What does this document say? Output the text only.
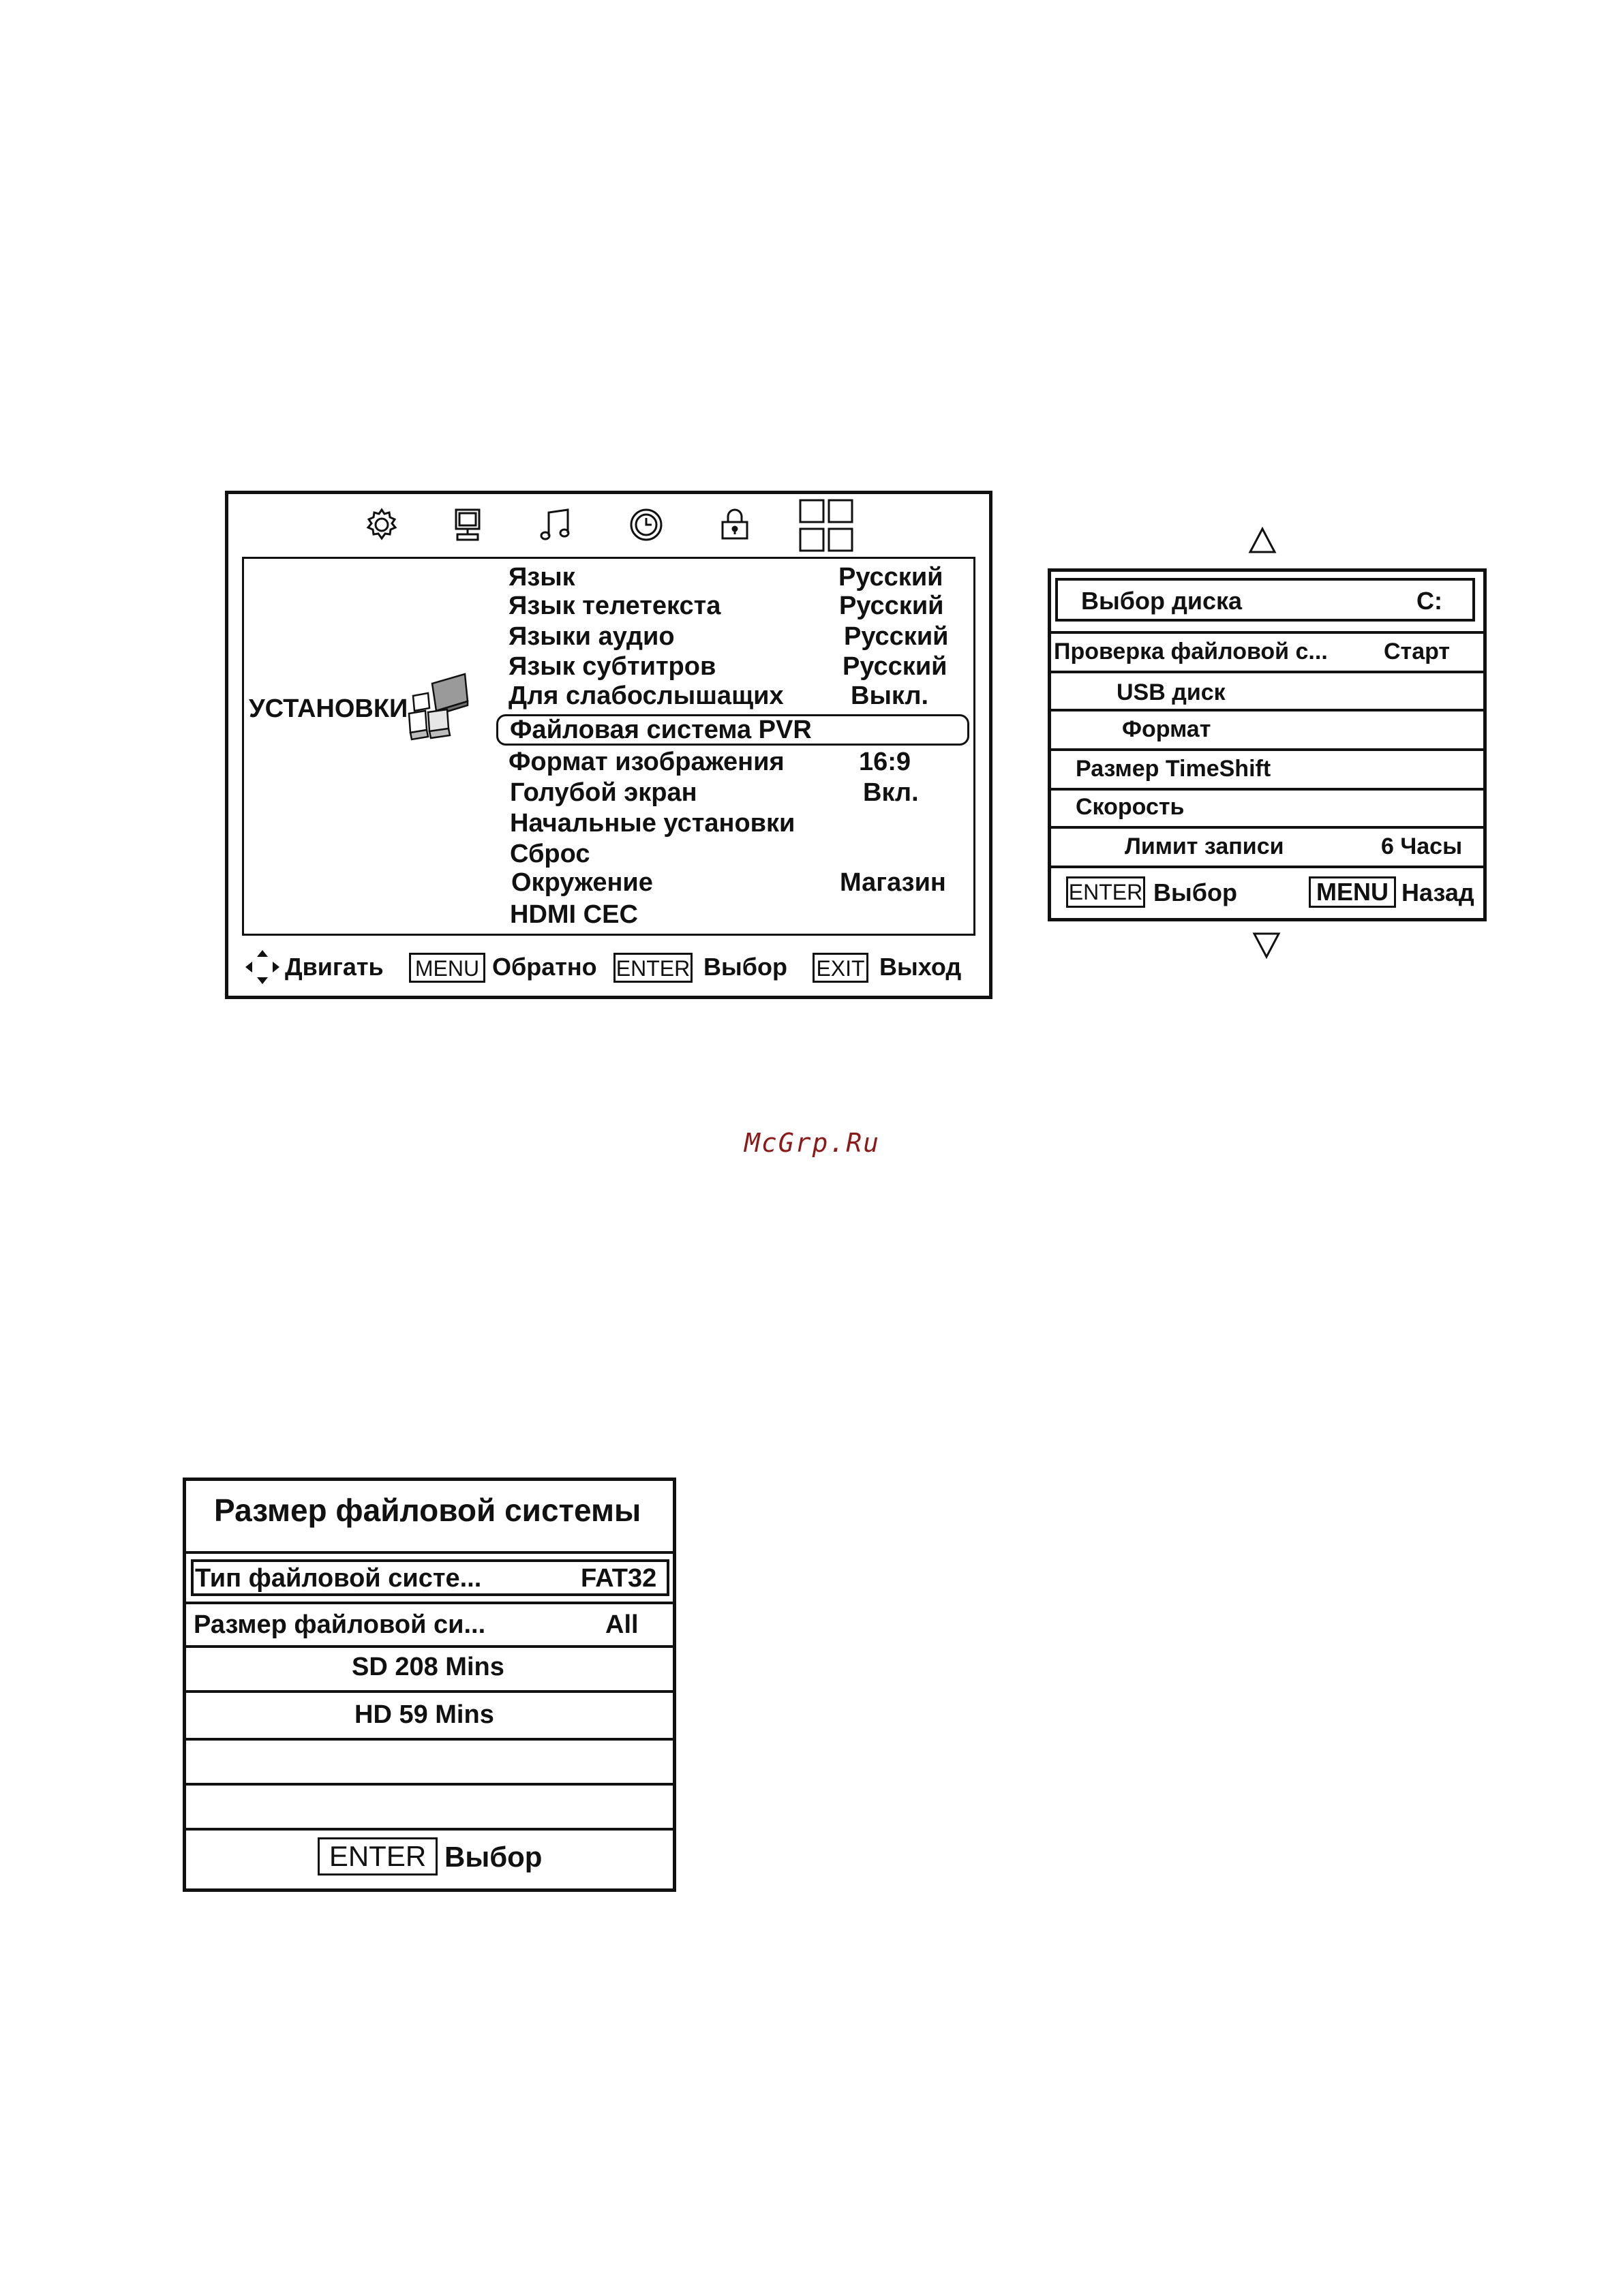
УСТАНОВКИ
Язык	Русский
Язык телетекста	Русский
Языки аудио	Русский
Язык субтитров	Русский
Для слабослышащих	Выкл.
Файловая система PVR
Формат изображения	16:9
Голубой экран	Вкл.
Начальные установки
Сброс
Окружение	Магазин
HDMI CEC
Двигать MENU Обратно ENTER Выбор EXIT Выход
Выбор диска	C:
Проверка файловой с... Старт
USB диск
Формат
Размер TimeShift
Скорость
Лимит записи	6 Часы
ENTER Выбор	MENU Назад
McGrp.Ru
Размер файловой системы
Тип файловой систе...	FAT32
Размер файловой си...	All
SD 208 Mins
HD 59 Mins
ENTER Выбор
